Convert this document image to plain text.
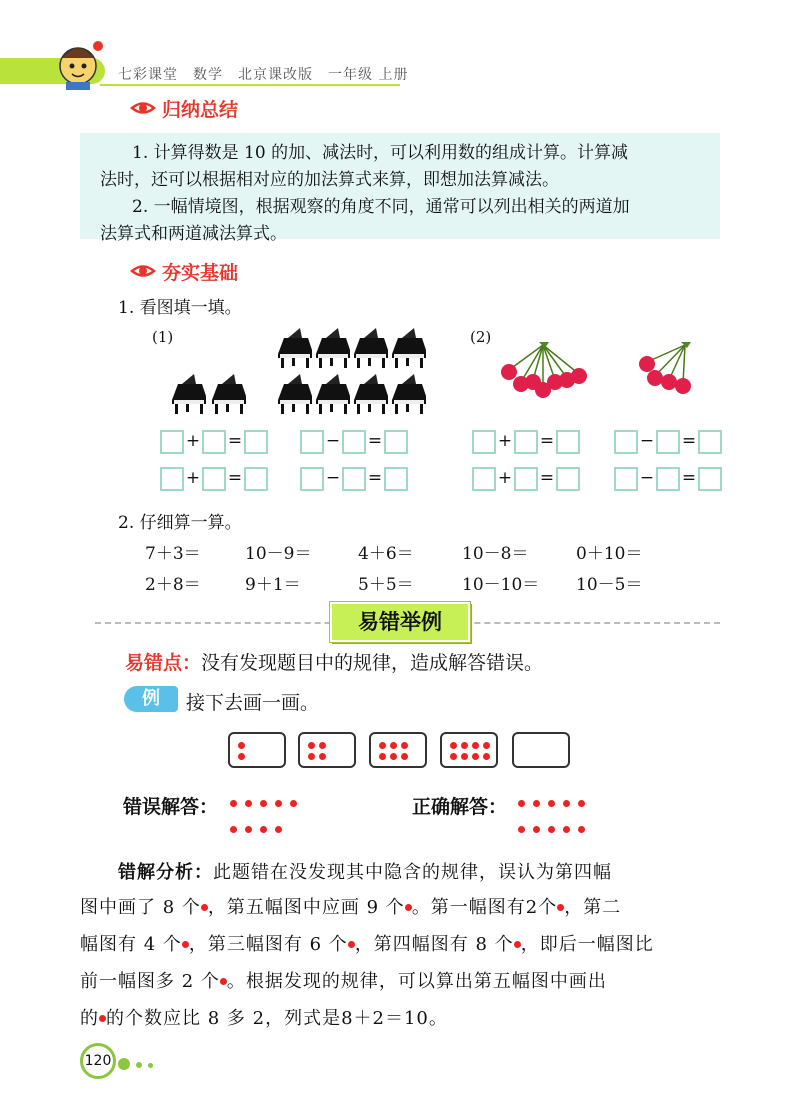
七彩课堂　数学　北京课改版　一年级 上册
归纳总结

1. 计算得数是 10 的加、减法时，可以利用数的组成计算。计算减

法时，还可以根据相对应的加法算式来算，即想加法算减法。

2. 一幅情境图，根据观察的角度不同，通常可以列出相关的两道加

法算式和两道减法算式。

夯实基础
1. 看图填一填。
(1)	(2)
+ =	− =	+ =	− =
+ =	− =	+ =	− =
2. 仔细算一算。
7＋3＝	10－9＝	4＋6＝	10－8＝	0＋10＝
2＋8＝	9＋1＝	5＋5＝	10－10＝ 10－5＝
易错举例
易错点：没有发现题目中的规律，造成解答错误。
例	接下去画一画。
错误解答：	正确解答：
错解分析：此题错在没发现其中隐含的规律，误认为第四幅
图中画了 8 个 ，第五幅图中应画 9 个 。第一幅图有2个 ，第二
幅图有 4 个 ，第三幅图有 6 个 ，第四幅图有 8 个 ，即后一幅图比
前一幅图多 2 个 。根据发现的规律，可以算出第五幅图中画出
的 的个数应比 8 多 2，列式是8＋2＝10。
120
